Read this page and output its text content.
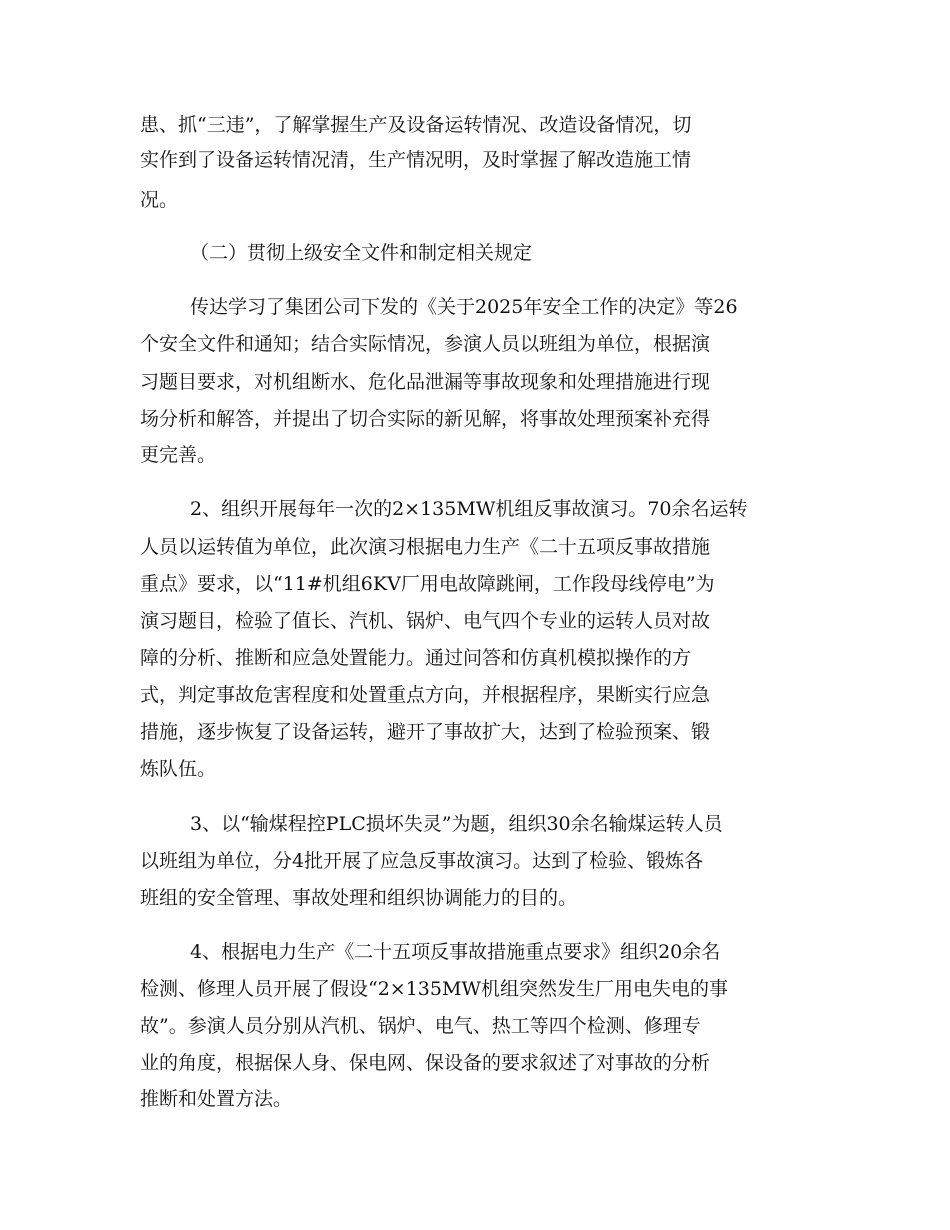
患、抓“三违”，了解掌握生产及设备运转情况、改造设备情况，切
实作到了设备运转情况清，生产情况明，及时掌握了解改造施工情
况。
（二）贯彻上级安全文件和制定相关规定
传达学习了集团公司下发的《关于2025年安全工作的决定》等26
个安全文件和通知；结合实际情况，参演人员以班组为单位，根据演
习题目要求，对机组断水、危化品泄漏等事故现象和处理措施进行现
场分析和解答，并提出了切合实际的新见解，将事故处理预案补充得
更完善。
2、组织开展每年一次的2×135MW机组反事故演习。70余名运转
人员以运转值为单位，此次演习根据电力生产《二十五项反事故措施
重点》要求，以“11#机组6KV厂用电故障跳闸，工作段母线停电”为
演习题目，检验了值长、汽机、锅炉、电气四个专业的运转人员对故
障的分析、推断和应急处置能力。通过问答和仿真机模拟操作的方
式，判定事故危害程度和处置重点方向，并根据程序，果断实行应急
措施，逐步恢复了设备运转，避开了事故扩大，达到了检验预案、锻
炼队伍。
3、以“输煤程控PLC损坏失灵”为题，组织30余名输煤运转人员
以班组为单位，分4批开展了应急反事故演习。达到了检验、锻炼各
班组的安全管理、事故处理和组织协调能力的目的。
4、根据电力生产《二十五项反事故措施重点要求》组织20余名
检测、修理人员开展了假设“2×135MW机组突然发生厂用电失电的事
故”。参演人员分别从汽机、锅炉、电气、热工等四个检测、修理专
业的角度，根据保人身、保电网、保设备的要求叙述了对事故的分析
推断和处置方法。
